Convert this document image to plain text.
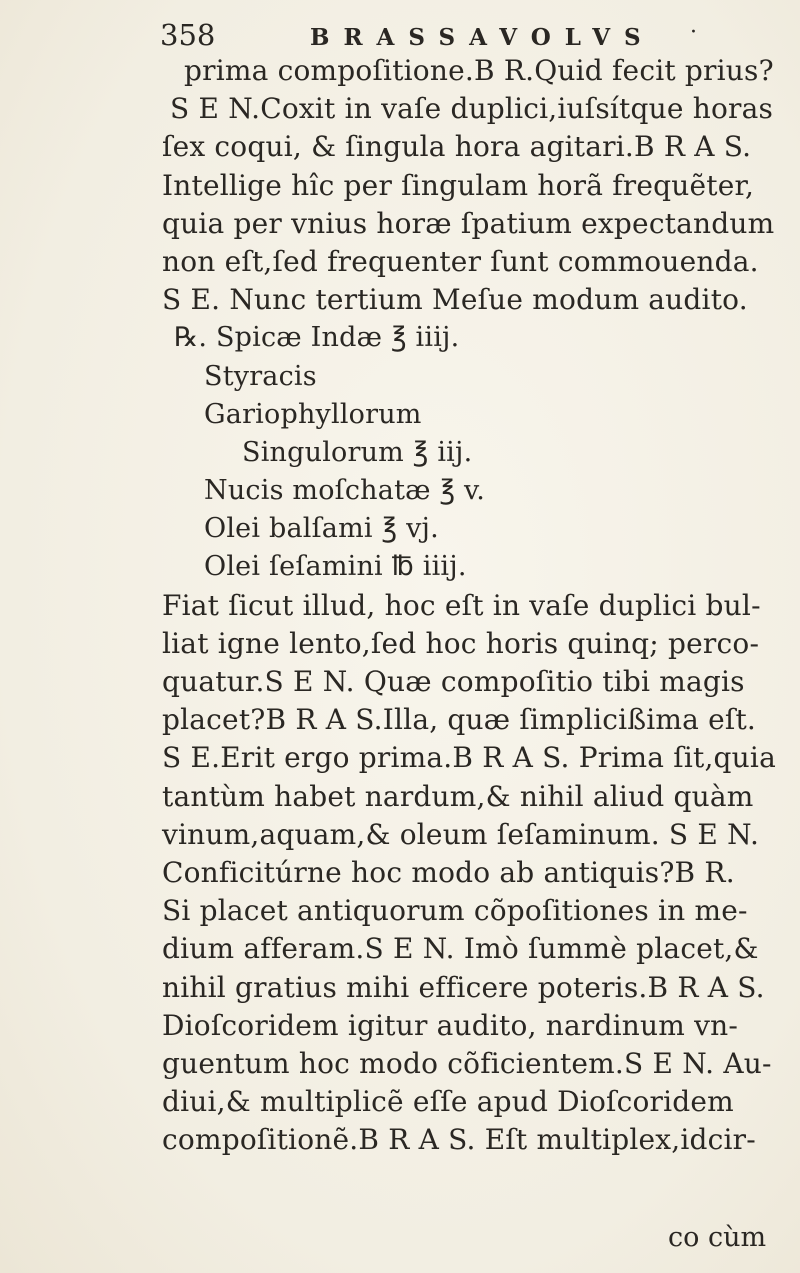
358	BRASSAVOLVS ·
prima compoſitione.B R.Quid fecit prius?
S E N.Coxit in vaſe duplici,iuſsítque horas
ſex coqui, & ſingula hora agitari.B R A S.
Intellige hîc per ſingulam horã frequẽter,
quia per vnius horæ ſpatium expectandum
non eſt,ſed frequenter ſunt commouenda.
S E. Nunc tertium Meſue modum audito.
℞. Spicæ Indæ ℥ iiij.
Styracis
Gariophyllorum
Singulorum ℥ iij.
Nucis moſchatæ ℥ v.
Olei balſami ℥ vj.
Olei ſeſamini ℔ iiij.
Fiat ſicut illud, hoc eſt in vaſe duplici bul-
liat igne lento,ſed hoc horis quinq; perco-
quatur.S E N. Quæ compoſitio tibi magis
placet?B R A S.Illa, quæ ſimplicißima eſt.
S E.Erit ergo prima.B R A S. Prima ſit,quia
tantùm habet nardum,& nihil aliud quàm
vinum,aquam,& oleum ſeſaminum. S E N.
Conficitúrne hoc modo ab antiquis?B R.
Si placet antiquorum cõpoſitiones in me-
dium afferam.S E N. Imò ſummè placet,&
nihil gratius mihi efficere poteris.B R A S.
Dioſcoridem igitur audito, nardinum vn-
guentum hoc modo cõficientem.S E N. Au-
diui,& multiplicẽ eſſe apud Dioſcoridem
compoſitionẽ.B R A S. Eſt multiplex,idcir-
co cùm
